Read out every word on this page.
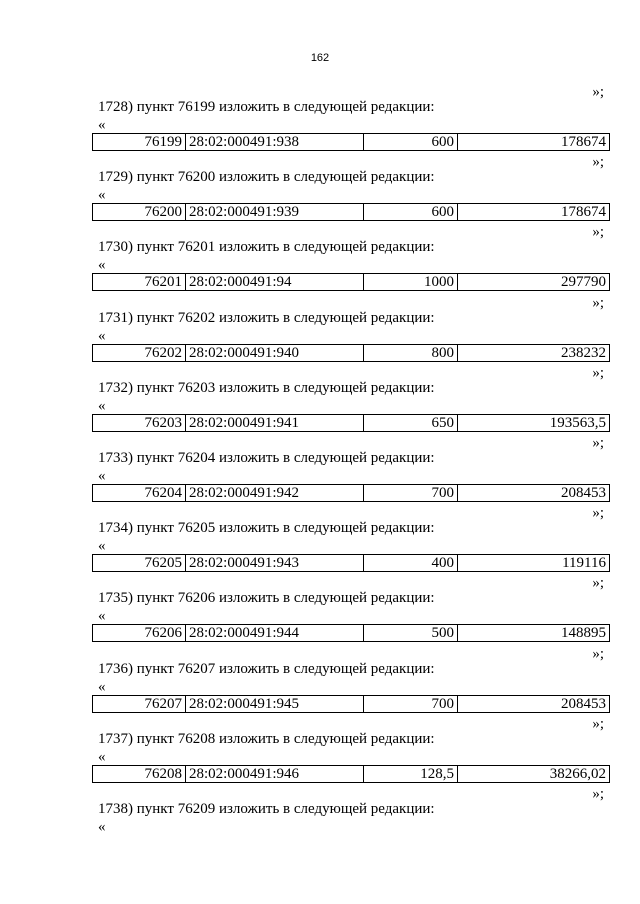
162
»;
1728) пункт 76199 изложить в следующей редакции:
«
76199	28:02:000491:938	600	178674
»;
1729) пункт 76200 изложить в следующей редакции:
«
76200	28:02:000491:939	600	178674
»;
1730) пункт 76201 изложить в следующей редакции:
«
76201	28:02:000491:94	1000	297790
»;
1731) пункт 76202 изложить в следующей редакции:
«
76202	28:02:000491:940	800	238232
»;
1732) пункт 76203 изложить в следующей редакции:
«
76203	28:02:000491:941	650	193563,5
»;
1733) пункт 76204 изложить в следующей редакции:
«
76204	28:02:000491:942	700	208453
»;
1734) пункт 76205 изложить в следующей редакции:
«
76205	28:02:000491:943	400	119116
»;
1735) пункт 76206 изложить в следующей редакции:
«
76206	28:02:000491:944	500	148895
»;
1736) пункт 76207 изложить в следующей редакции:
«
76207	28:02:000491:945	700	208453
»;
1737) пункт 76208 изложить в следующей редакции:
«
76208	28:02:000491:946	128,5	38266,02
»;
1738) пункт 76209 изложить в следующей редакции:
«
